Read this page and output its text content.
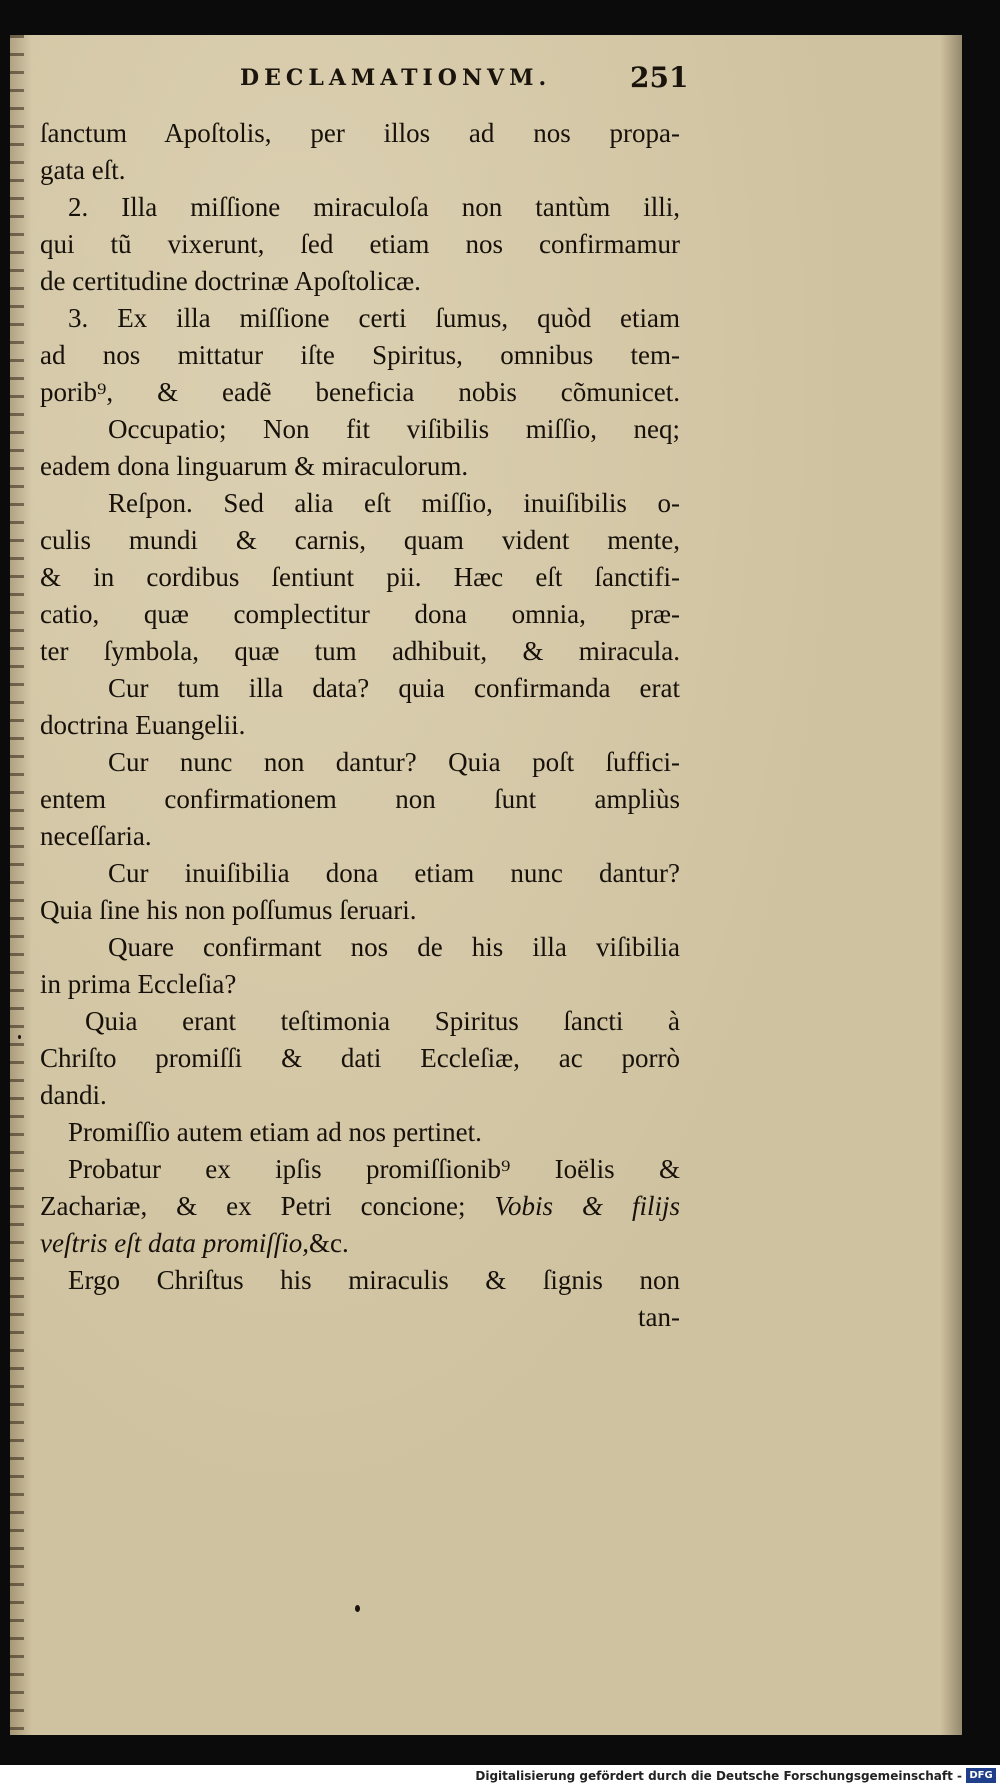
DECLAMATIONVM.	251
ſanctum Apoſtolis, per illos ad nos propa-
gata eſt.
2. Illa miſſione miraculoſa non tantùm illi,
qui tũ vixerunt, ſed etiam nos confirmamur
de certitudine doctrinæ Apoſtolicæ.
3. Ex illa miſſione certi ſumus, quòd etiam
ad nos mittatur iſte Spiritus, omnibus tem-
porib⁹, & eadẽ beneficia nobis cõmunicet.
Occupatio; Non fit viſibilis miſſio, neq;
eadem dona linguarum & miraculorum.
Reſpon. Sed alia eſt miſſio, inuiſibilis o-
culis mundi & carnis, quam vident mente,
& in cordibus ſentiunt pii. Hæc eſt ſanctifi-
catio, quæ complectitur dona omnia, præ-
ter ſymbola, quæ tum adhibuit, & miracula.
Cur tum illa data? quia confirmanda erat
doctrina Euangelii.
Cur nunc non dantur? Quia poſt ſuffici-
entem confirmationem non ſunt ampliùs
neceſſaria.
Cur inuiſibilia dona etiam nunc dantur?
Quia ſine his non poſſumus ſeruari.
Quare confirmant nos de his illa viſibilia
in prima Eccleſia?
Quia erant teſtimonia Spiritus ſancti à
Chriſto promiſſi & dati Eccleſiæ, ac porrò
dandi.
Promiſſio autem etiam ad nos pertinet.
Probatur ex ipſis promiſſionib⁹ Ioëlis &
Zachariæ, & ex Petri concione; Vobis & filijs
veſtris eſt data promiſſio,&c.
Ergo Chriſtus his miraculis & ſignis non
tan-
Digitalisierung gefördert durch die Deutsche Forschungsgemeinschaft - DFG
